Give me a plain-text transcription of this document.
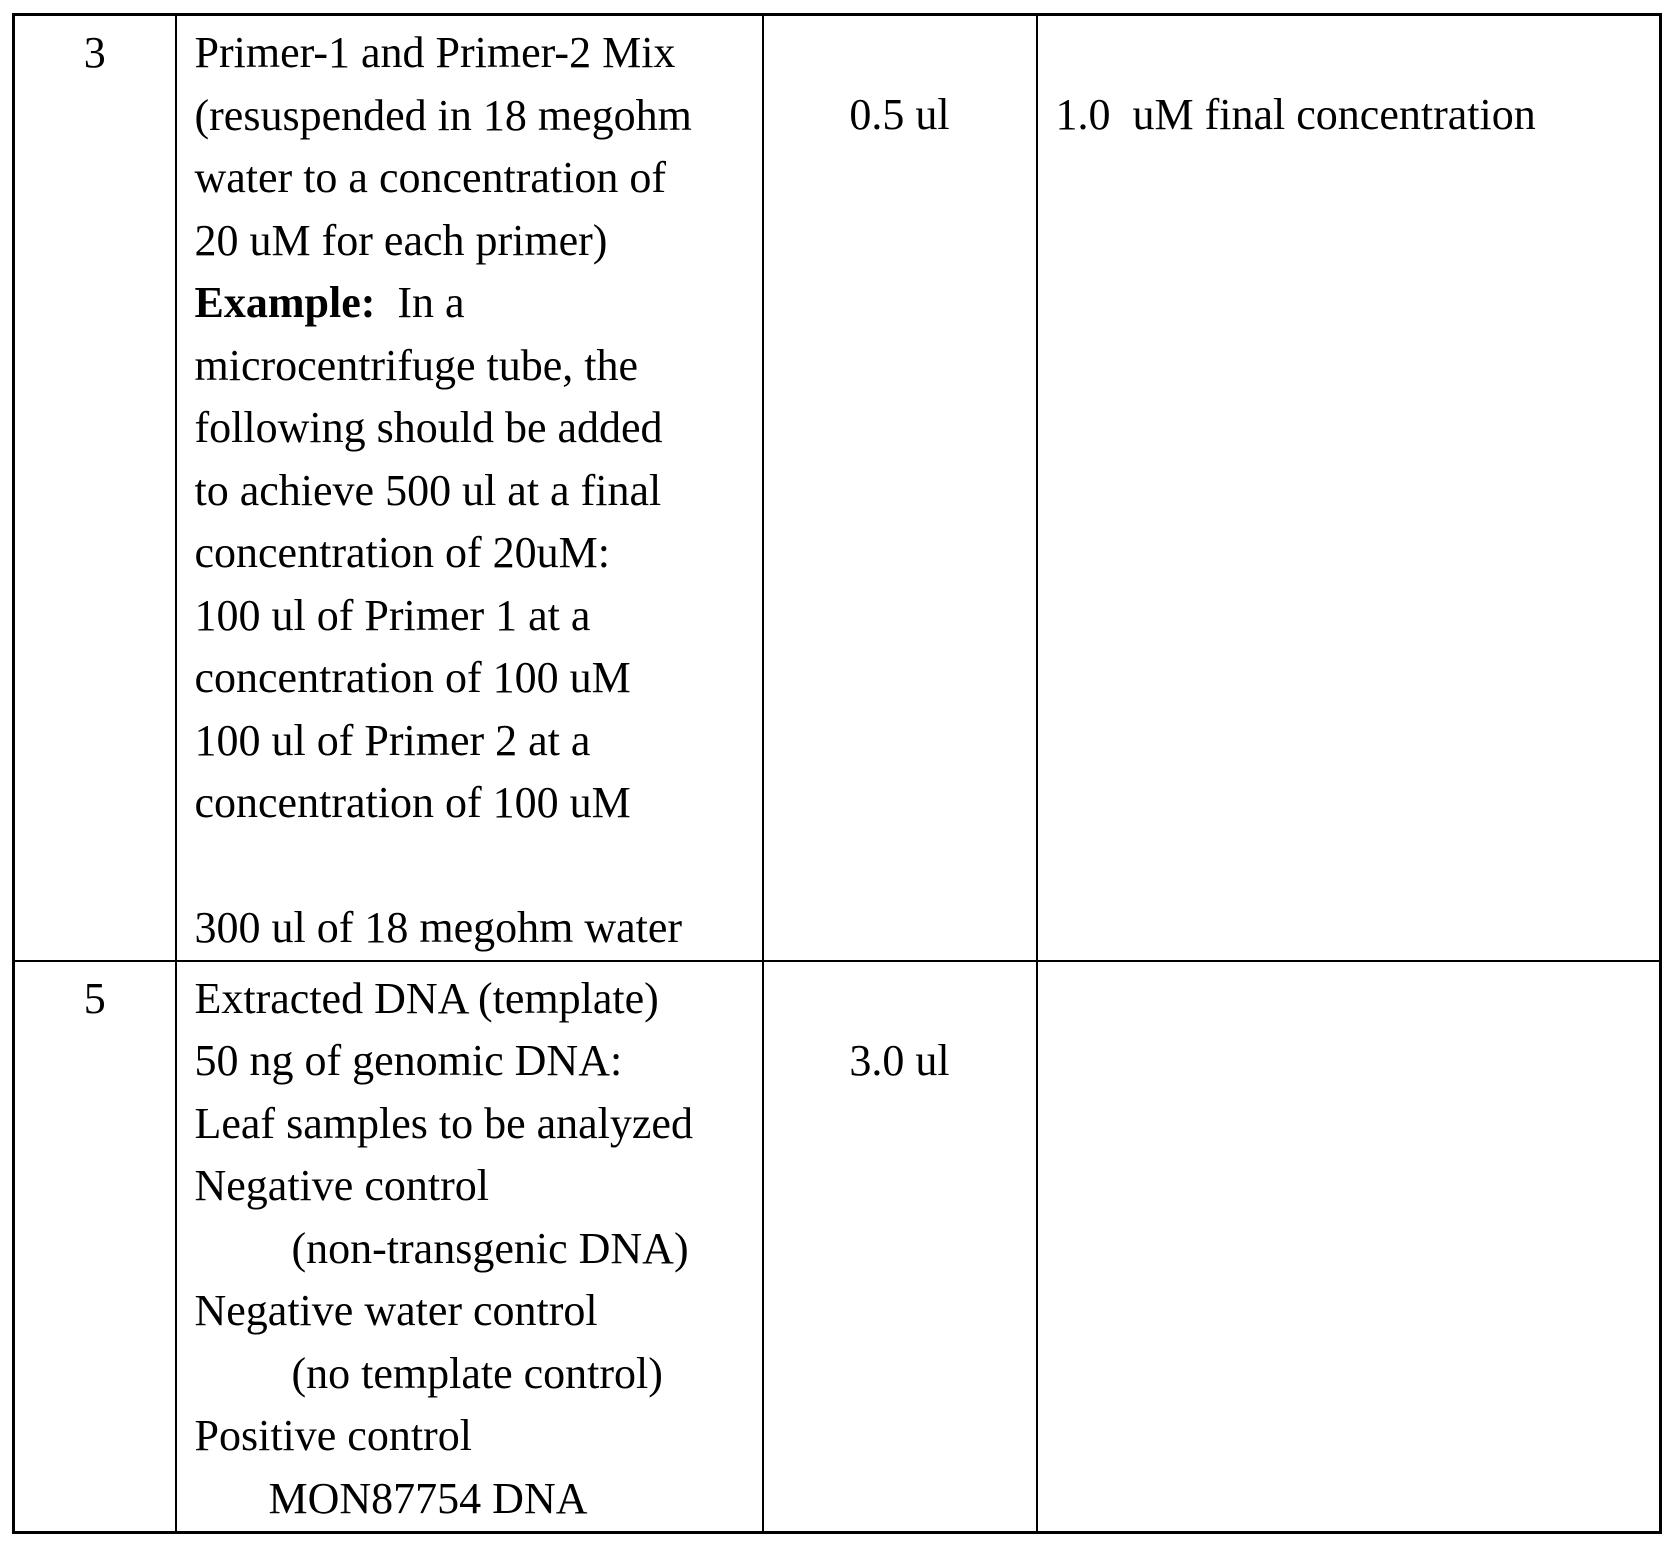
3	Primer-1 and Primer-2 Mix
(resuspended in 18 megohm
water to a concentration of
20 uM for each primer)
Example:  In a
microcentrifuge tube, the
following should be added
to achieve 500 ul at a final
concentration of 20uM:
100 ul of Primer 1 at a
concentration of 100 uM
100 ul of Primer 2 at a
concentration of 100 uM
300 ul of 18 megohm water

0.5 ul	1.0  uM final concentration
5	Extracted DNA (template)
50 ng of genomic DNA:
Leaf samples to be analyzed
Negative control
(non-transgenic DNA)
Negative water control
(no template control)
Positive control
MON87754 DNA

3.0 ul	
